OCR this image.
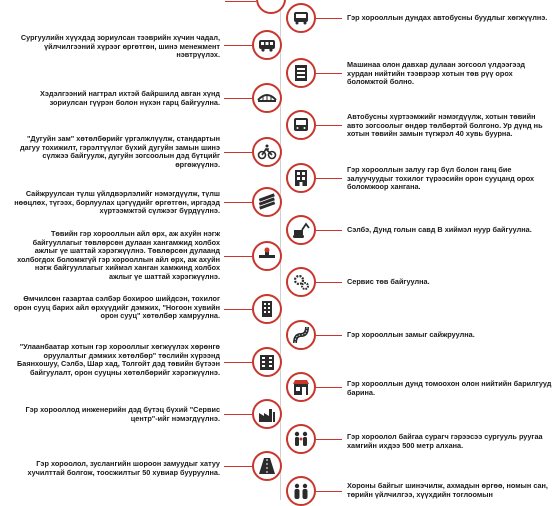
Гэр хорооллын дундах автобусны буудлыг хөгжүүлнэ.
Сургуулийн хүүхдэд зориулсан тээврийн хүчин чадал, үйлчилгээний хүрээг өргөтгөн, шинэ менежмент нэвтрүүлэх.
Машинаа олон давхар дулаан зогсоол үлдээгээд хурдан нийтийн тээврээр хотын төв рүү орох боломжтой болно.
Хэдэлгээний нагтрал ихтэй байршилд авган хүнд зориулсан гүүрэн болон нүхэн гарц байгуулна.
Автобусны хүртээмжийг нэмэгдүүлж, хотын төвийн авто зогсоолыг өндөр төлбөртэй болгоно. Ур дүнд нь хотын төвийн замын түгжрэл 40 хувь буурна.
"Дугуйн зам" хөтөлбөрийг үргэлжлүүлж, стандартын дагуу тохижилт, гэрэлтүүлэг бүхий дугуйн замын шинэ сүлжээ байгуулж, дугуйн зогсоолын дэд бүтцийг өргөжүүлнэ.
Гэр хорооллын залуу гэр бүл болон ганц бие залуучуудыг тохилог түрээсийн орон сууцанд орох боломжоор хангана.
Сайжруулсан түлш үйлдвэрлэлийг нэмэгдүүлж, түлш нөөцлөх, түгээх, борлуулах цэгүүдийг өргөтгөн, иргэдэд хүртээмжтэй сүлжээг бүрдүүлнэ.
Сэлбэ, Дунд голын савд В хиймэл нуур байгуулна.
Төвийн гэр хорооллын айл өрх, аж ахуйн нэгж байгууллагыг төвлөрсөн дулаан хангамжид холбох ажлыг үе шаттай хэрэгжүүлнэ. Төвлөрсөн дулаанд холбогдох боломжгүй гэр хорооллын айл өрх, аж ахуйн нэгж байгууллагыг хиймэл ханган хамжинд холбох ажлыг үе шаттай хэрэгжүүлнэ.
Сервис төв байгуулна.
Өмчилсөн газартаа сэлбэр бохироо шийдсэн, тохилог орон сууц барих айл өрхүүдийг дэмжих, "Ногоон хувийн орон сууц" хөтөлбөр хамруулна.
Гэр хорооллын замыг сайжруулна.
"Улаанбаатар хотын гэр хорооллыг хөгжүүлэх хөрөнгө оруулалтыг дэмжих хөтөлбөр" төслийн хүрээнд Баянхошуу, Сэлбэ, Шар хад, Толгойт дэд төвийн бүтээн байгуулалт, орон сууцны хөтөлбөрийг хэрэгжүүлнэ.
Гэр хорооллын дунд томоохон олон нийтийн барилгууд барина.
Гэр хорооллод инженерийн дэд бүтэц бүхий "Сервис центр"-ийг нэмэгдүүлнэ.
Гэр хороолол байгаа сурагч гэрээсээ сургууль руугаа хамгийн ихдээ 500 метр алхана.
Гэр хороолол, зуслангийн шороон замуудыг хатуу хучилттай болгож, тоосжилтыг 50 хувиар бууруулна.
Хороны байгыг шинэчилж, ахмадын өргөө, номын сан, төрийн үйлчилгээ, хүүхдийн тоглоомын
